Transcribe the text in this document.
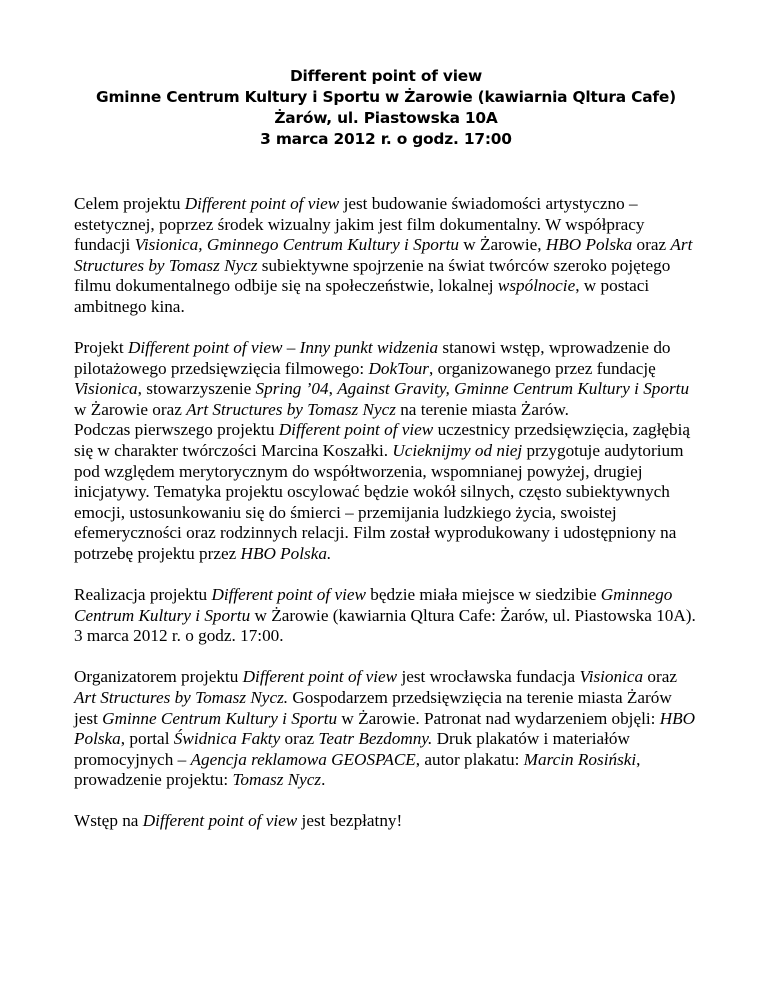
Different point of view
Gminne Centrum Kultury i Sportu w Żarowie (kawiarnia Qltura Cafe)
Żarów, ul. Piastowska 10A
3 marca 2012 r. o godz. 17:00

Celem projektu Different point of view jest budowanie świadomości artystyczno – estetycznej, poprzez środek wizualny jakim jest film dokumentalny. W współpracy fundacji Visionica, Gminnego Centrum Kultury i Sportu w Żarowie, HBO Polska oraz Art Structures by Tomasz Nycz subiektywne spojrzenie na świat twórców szeroko pojętego filmu dokumentalnego odbije się na społeczeństwie, lokalnej wspólnocie, w postaci ambitnego kina.

Projekt Different point of view – Inny punkt widzenia stanowi wstęp, wprowadzenie do pilotażowego przedsięwzięcia filmowego: DokTour, organizowanego przez fundację Visionica, stowarzyszenie Spring ’04, Against Gravity, Gminne Centrum Kultury i Sportu w Żarowie oraz Art Structures by Tomasz Nycz na terenie miasta Żarów.

Podczas pierwszego projektu Different point of view uczestnicy przedsięwzięcia, zagłębią się w charakter twórczości Marcina Koszałki. Ucieknijmy od niej przygotuje audytorium pod względem merytorycznym do współtworzenia, wspomnianej powyżej, drugiej inicjatywy. Tematyka projektu oscylować będzie wokół silnych, często subiektywnych emocji, ustosunkowaniu się do śmierci – przemijania ludzkiego życia, swoistej efemeryczności oraz rodzinnych relacji. Film został wyprodukowany i udostępniony na potrzebę projektu przez HBO Polska.

Realizacja projektu Different point of view będzie miała miejsce w siedzibie Gminnego Centrum Kultury i Sportu w Żarowie (kawiarnia Qltura Cafe: Żarów, ul. Piastowska 10A). 3 marca 2012 r. o godz. 17:00.

Organizatorem projektu Different point of view jest wrocławska fundacja Visionica oraz Art Structures by Tomasz Nycz. Gospodarzem przedsięwzięcia na terenie miasta Żarów jest Gminne Centrum Kultury i Sportu w Żarowie. Patronat nad wydarzeniem objęli: HBO Polska, portal Świdnica Fakty oraz Teatr Bezdomny. Druk plakatów i materiałów promocyjnych – Agencja reklamowa GEOSPACE, autor plakatu: Marcin Rosiński, prowadzenie projektu: Tomasz Nycz.

Wstęp na Different point of view jest bezpłatny!
